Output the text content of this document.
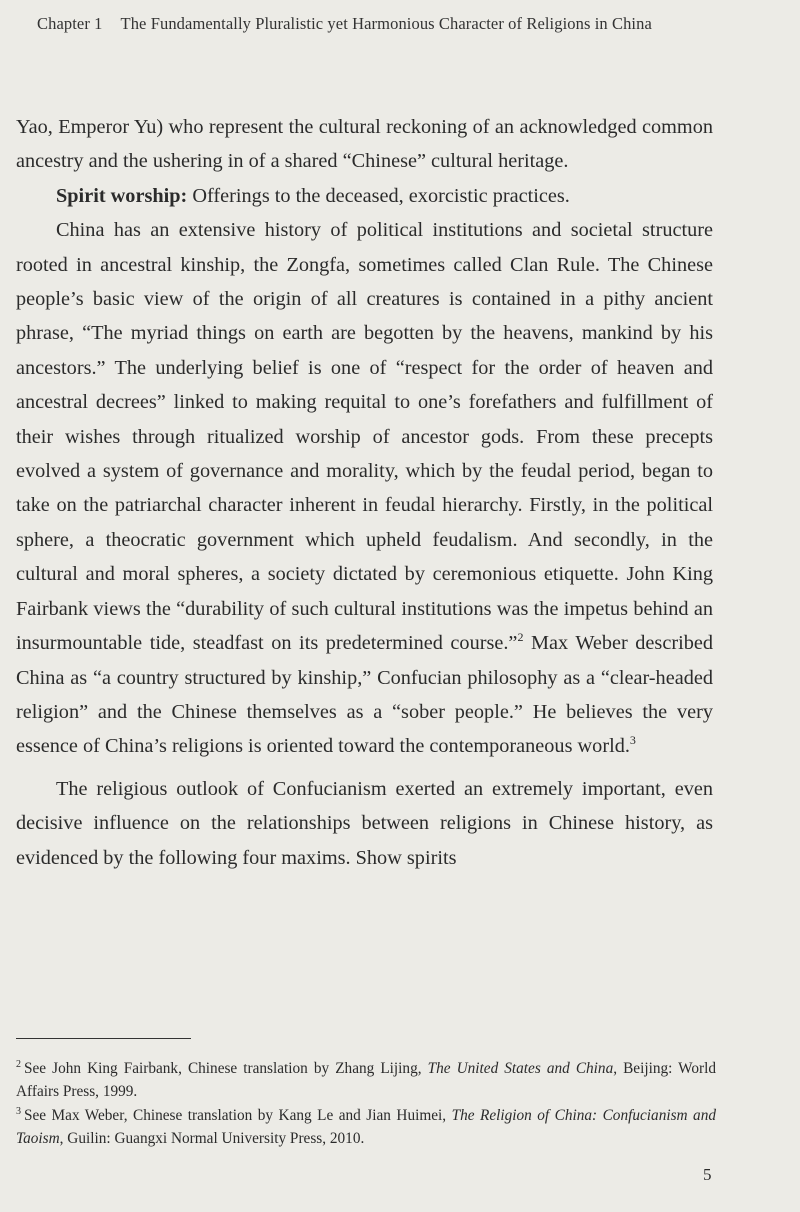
Chapter 1 The Fundamentally Pluralistic yet Harmonious Character of Religions in China

Yao, Emperor Yu) who represent the cultural reckoning of an acknowledged common ancestry and the ushering in of a shared “Chinese” cultural heritage.

Spirit worship: Offerings to the deceased, exorcistic practices.

China has an extensive history of political institutions and societal structure rooted in ancestral kinship, the Zongfa, sometimes called Clan Rule. The Chinese people’s basic view of the origin of all creatures is contained in a pithy ancient phrase, “The myriad things on earth are begotten by the heavens, mankind by his ancestors.” The underlying belief is one of “respect for the order of heaven and ancestral decrees” linked to making requital to one’s forefathers and fulfillment of their wishes through ritualized worship of ancestor gods. From these precepts evolved a system of governance and morality, which by the feudal period, began to take on the patriarchal character inherent in feudal hierarchy. Firstly, in the political sphere, a theocratic government which upheld feudalism. And secondly, in the cultural and moral spheres, a society dictated by ceremonious etiquette. John King Fairbank views the “durability of such cultural institutions was the impetus behind an insurmountable tide, steadfast on its predetermined course.”$^2$ Max Weber described China as “a country structured by kinship,” Confucian philosophy as a “clear-headed religion” and the Chinese themselves as a “sober people.” He believes the very essence of China’s religions is oriented toward the contemporaneous world.$^3$

The religious outlook of Confucianism exerted an extremely important, even decisive influence on the relationships between religions in Chinese history, as evidenced by the following four maxims. Show spirits

$^2$ See John King Fairbank, Chinese translation by Zhang Lijing, The United States and China, Beijing: World Affairs Press, 1999.

$^3$ See Max Weber, Chinese translation by Kang Le and Jian Huimei, The Religion of China: Confucianism and Taoism, Guilin: Guangxi Normal University Press, 2010.

5
